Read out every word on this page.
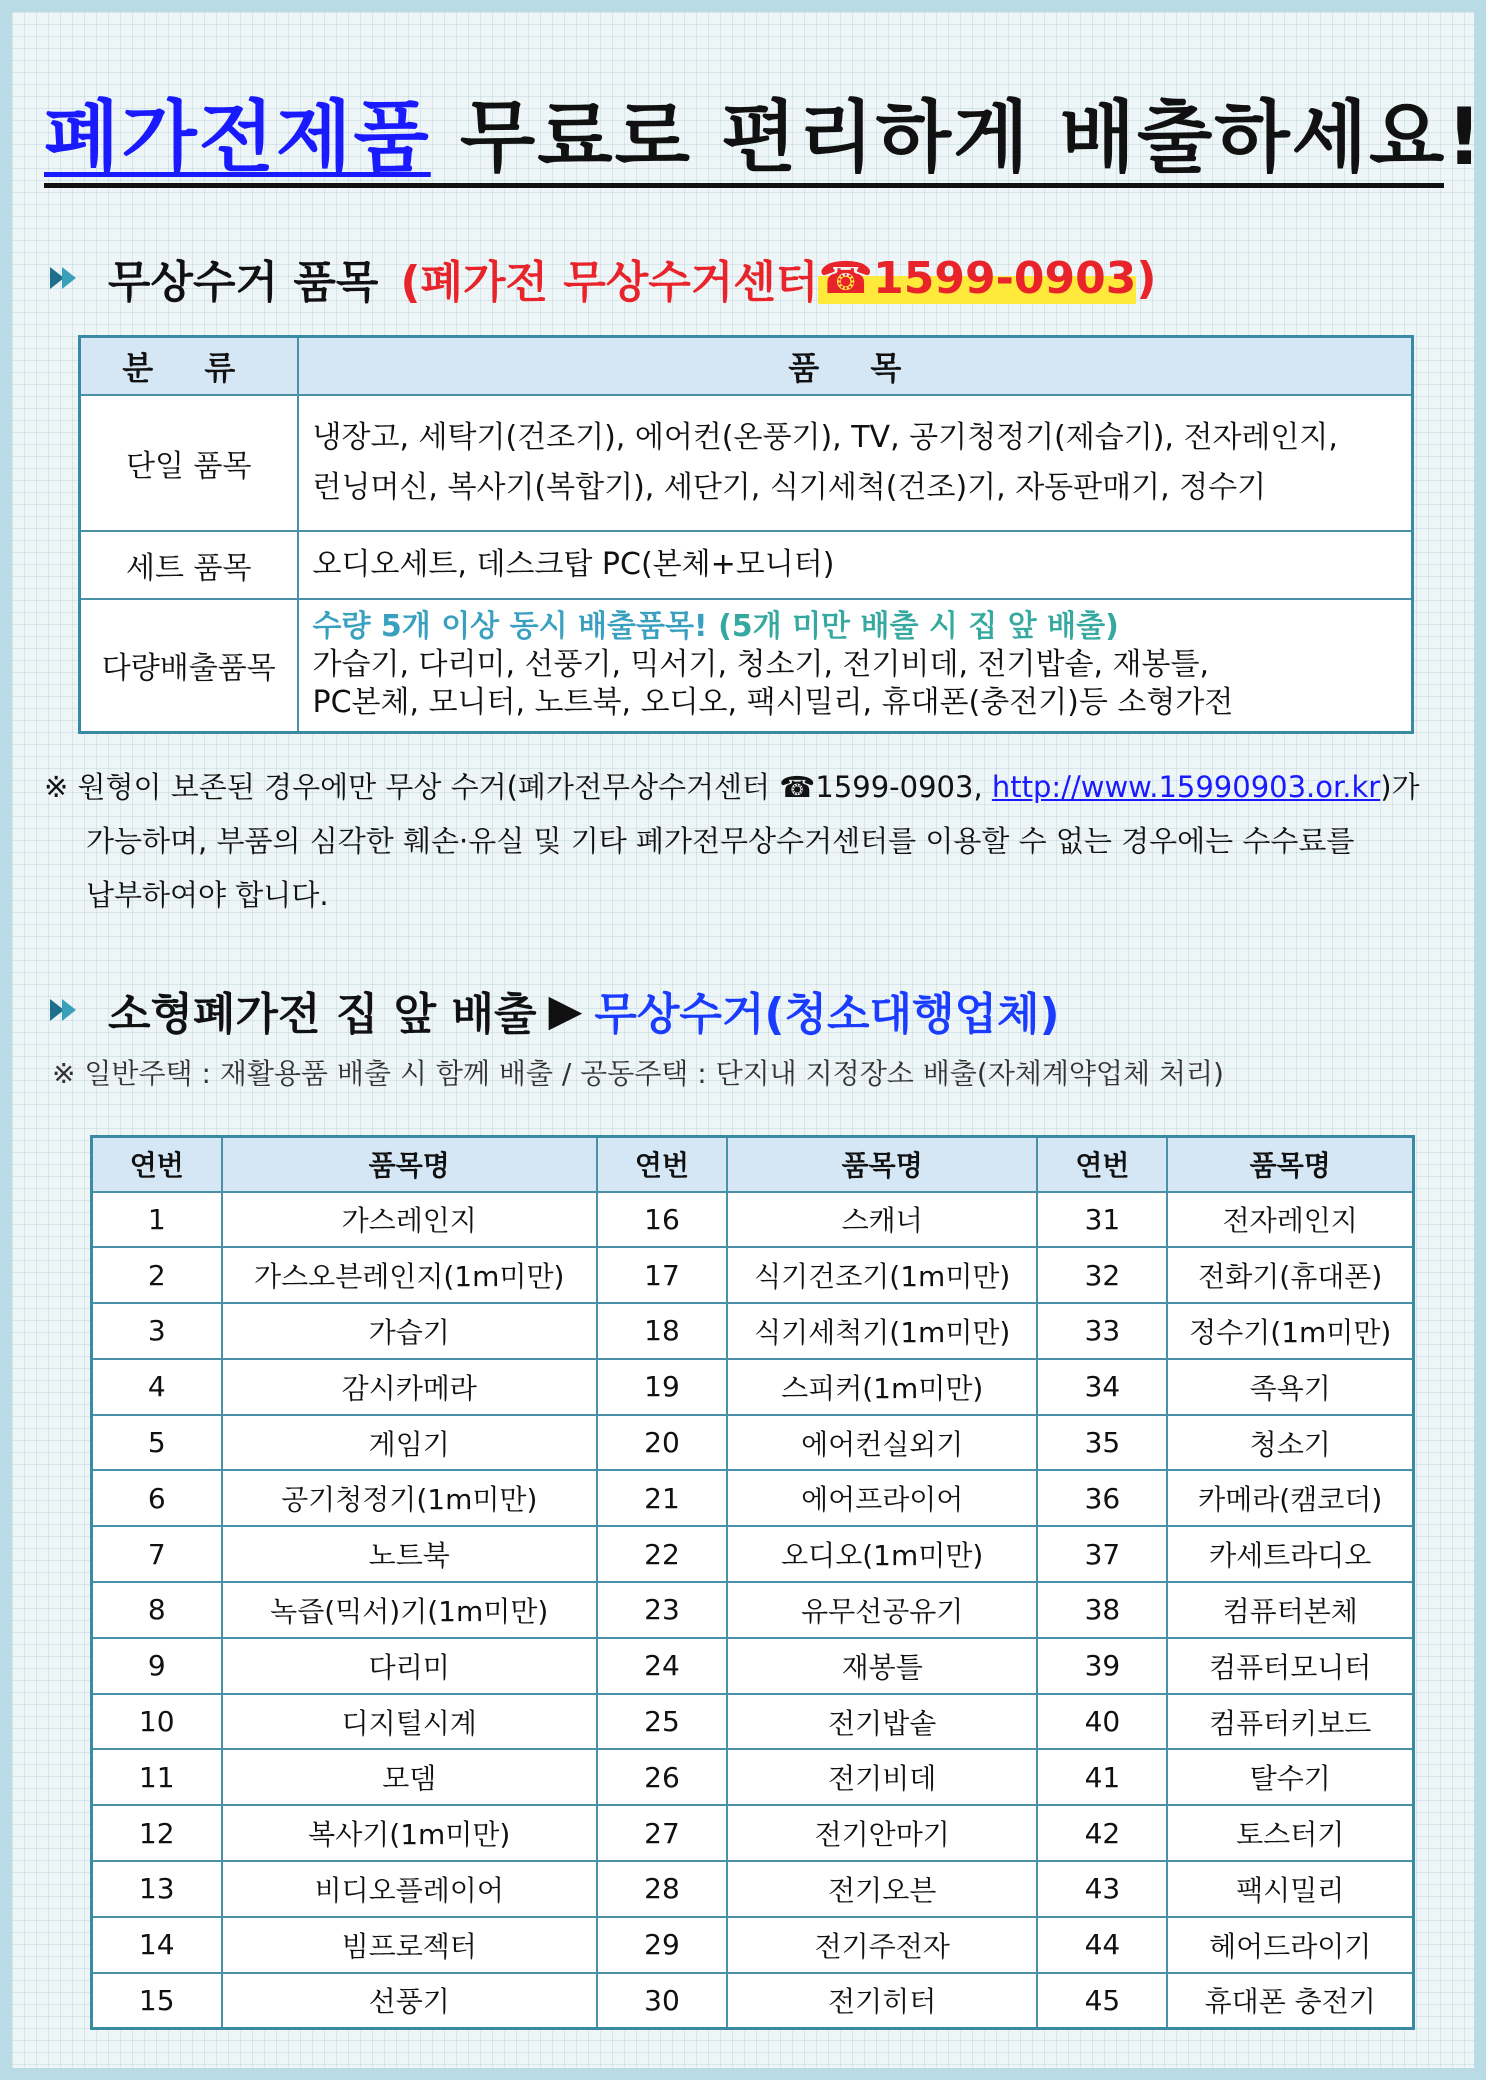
폐가전제품 무료로 편리하게 배출하세요!
무상수거 품목 (폐가전 무상수거센터 ☎ 1599-0903 )
분 류	품 목
단일 품목	냉장고, 세탁기(건조기), 에어컨(온풍기), TV, 공기청정기(제습기), 전자레인지,
런닝머신, 복사기(복합기), 세단기, 식기세척(건조)기, 자동판매기, 정수기

세트 품목	오디오세트, 데스크탑 PC(본체+모니터)

다량배출품목	수량 5개 이상 동시 배출품목! (5개 미만 배출 시 집 앞 배출)
가습기, 다리미, 선풍기, 믹서기, 청소기, 전기비데, 전기밥솥, 재봉틀,
PC본체, 모니터, 노트북, 오디오, 팩시밀리, 휴대폰(충전기)등 소형가전
※ 원형이 보존된 경우에만 무상 수거(폐가전무상수거센터 ☎1599-0903, http://www.15990903.or.kr)가
가능하며, 부품의 심각한 훼손·유실 및 기타 폐가전무상수거센터를 이용할 수 없는 경우에는 수수료를
납부하여야 합니다.
소형폐가전 집 앞 배출 ▶ 무상수거(청소대행업체)
※ 일반주택 : 재활용품 배출 시 함께 배출 / 공동주택 : 단지내 지정장소 배출(자체계약업체 처리)
연번	품목명	연번	품목명	연번	품목명
1	가스레인지	16	스캐너	31	전자레인지
2	가스오븐레인지(1m미만)	17	식기건조기(1m미만)	32	전화기(휴대폰)
3	가습기	18	식기세척기(1m미만)	33	정수기(1m미만)
4	감시카메라	19	스피커(1m미만)	34	족욕기
5	게임기	20	에어컨실외기	35	청소기
6	공기청정기(1m미만)	21	에어프라이어	36	카메라(캠코더)
7	노트북	22	오디오(1m미만)	37	카세트라디오
8	녹즙(믹서)기(1m미만)	23	유무선공유기	38	컴퓨터본체
9	다리미	24	재봉틀	39	컴퓨터모니터
10	디지털시계	25	전기밥솥	40	컴퓨터키보드
11	모뎀	26	전기비데	41	탈수기
12	복사기(1m미만)	27	전기안마기	42	토스터기
13	비디오플레이어	28	전기오븐	43	팩시밀리
14	빔프로젝터	29	전기주전자	44	헤어드라이기
15	선풍기	30	전기히터	45	휴대폰 충전기
